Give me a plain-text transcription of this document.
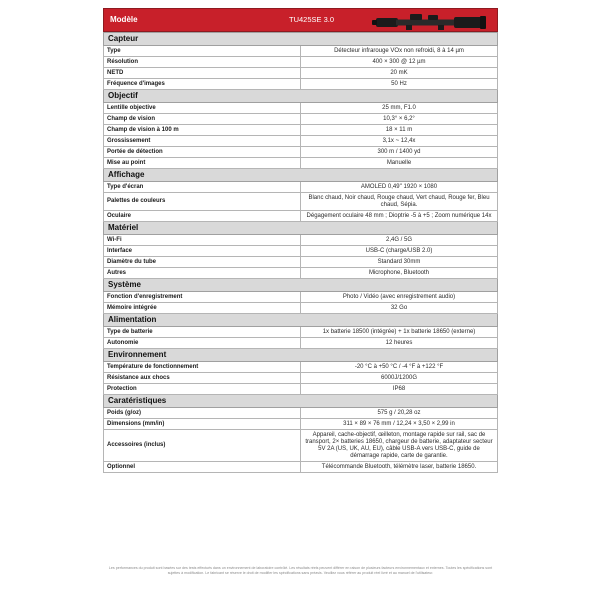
Modèle	TU425SE 3.0
Capteur	
Type	Détecteur infrarouge VOx non refroidi, 8 à 14 µm
Résolution	400 × 300 @ 12 µm
NETD	20 mK
Fréquence d'images	50 Hz
Objectif	
Lentille objective	25 mm, F1.0
Champ de vision	10,3° × 6,2°
Champ de vision à 100 m	18 × 11 m
Grossissement	3,1x ~ 12,4x
Portée de détection	300 m / 1400 yd
Mise au point	Manuelle
Affichage	
Type d'écran	AMOLED 0,49'' 1920 × 1080
Palettes de couleurs	Blanc chaud, Noir chaud, Rouge chaud, Vert chaud, Rouge fer, Bleu chaud, Sépia.
Oculaire	Dégagement oculaire 48 mm ; Dioptrie -5 à +5 ; Zoom numérique 14x
Matériel	
Wi-Fi	2,4G / 5G
Interface	USB-C (charge/USB 2.0)
Diamètre du tube	Standard 30mm
Autres	Microphone, Bluetooth
Système	
Fonction d'enregistrement	Photo / Vidéo (avec enregistrement audio)
Mémoire intégrée	32 Go
Alimentation	
Type de batterie	1x batterie 18500 (intégrée) + 1x batterie 18650 (externe)
Autonomie	12 heures
Environnement	
Température de fonctionnement	-20 °C à +50 °C / -4 °F à +122 °F
Résistance aux chocs	6000J/1200G
Protection	IP68
Caratéristiques	
Poids (g/oz)	575 g / 20,28 oz
Dimensions (mm/in)	311 × 89 × 76 mm / 12,24 × 3,50 × 2,99 in
Accessoires (inclus)	Appareil, cache-objectif, œilleton, montage rapide sur rail, sac de transport, 2× batteries 18650, chargeur de batterie, adaptateur secteur 5V 2A (US, UK, AU, EU), câble USB-A vers USB-C, guide de démarrage rapide, carte de garantie.
Optionnel	Télécommande Bluetooth, télémètre laser, batterie 18650.
Les performances du produit sont basées sur des tests effectués dans un environnement de laboratoire contrôlé. Les résultats réels peuvent différer en raison de plusieurs facteurs environnementaux et externes. Toutes les spécifications sont sujettes à modification. Le fabricant se réserve le droit de modifier les spécifications sans préavis. Veuillez vous référer au produit réel livré et au manuel de l'utilisateur.
